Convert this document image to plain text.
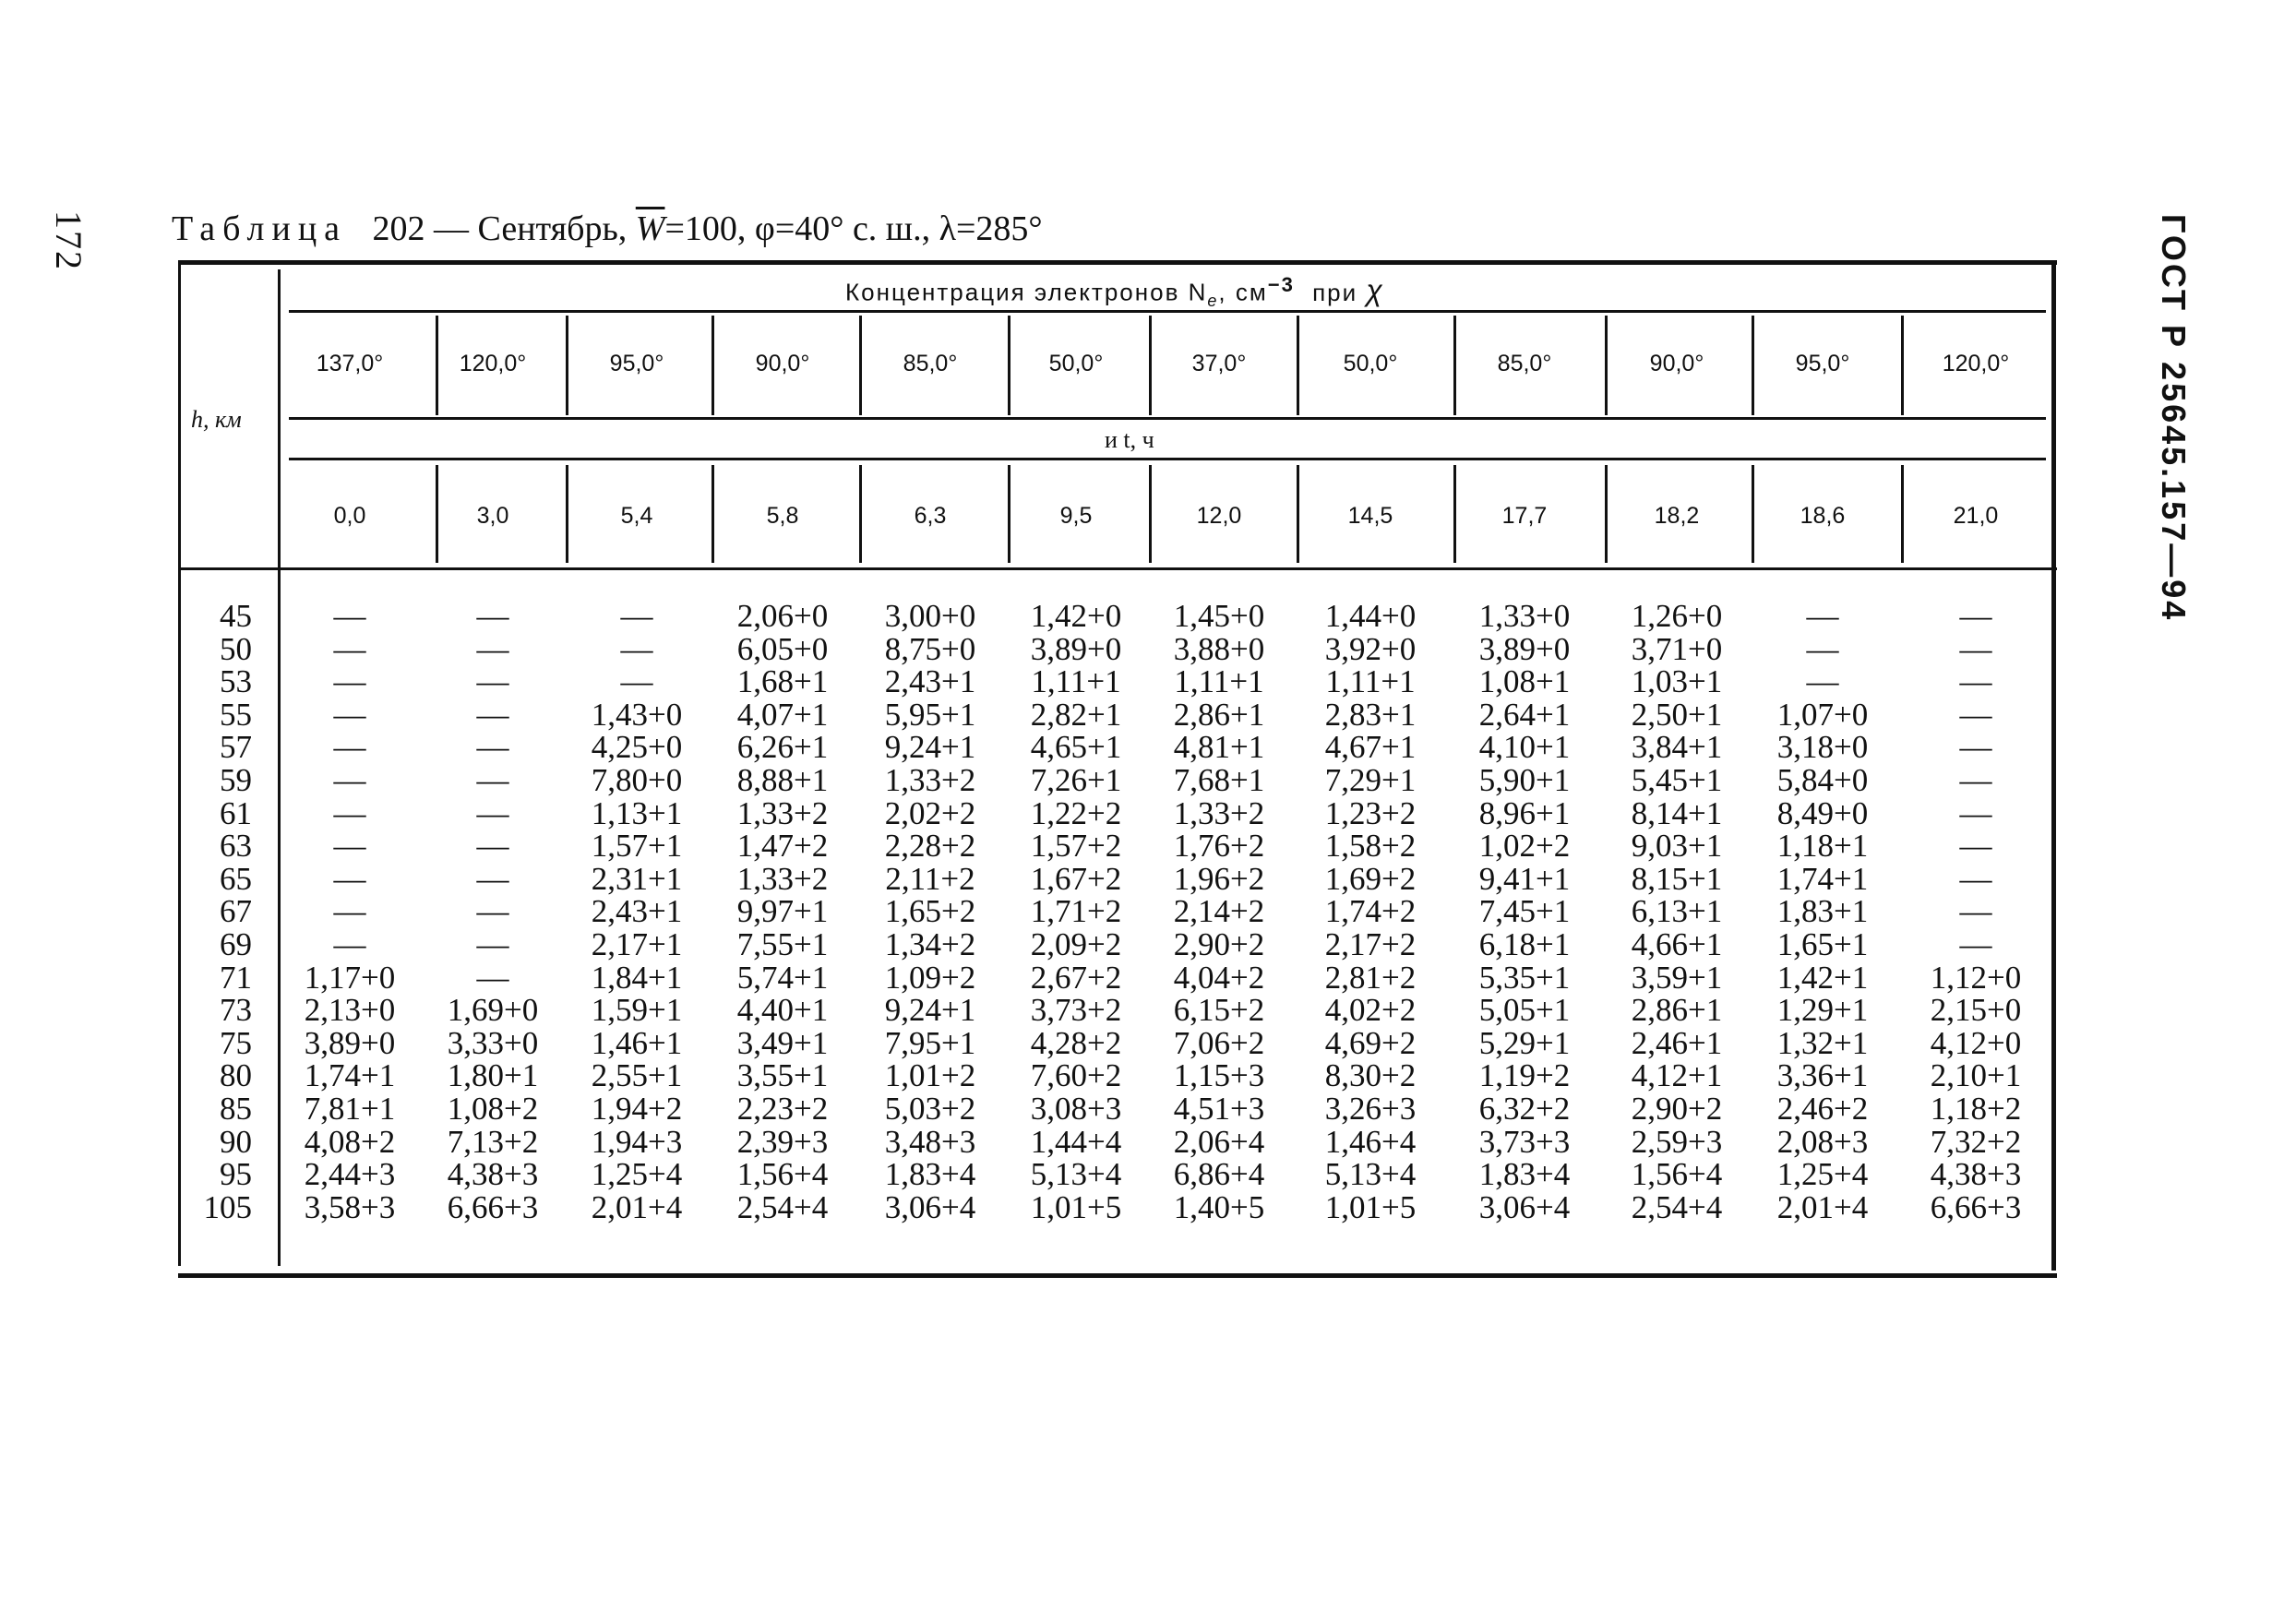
172	ГОСТ Р 25645.157—94
Таблица 202 — Сентябрь, $\overline{W}=100$, φ=40° с. ш., λ=285°
h, км
Концентрация электронов $N_e$, $см^{-3}$ при χ
и t, ч
137,0°	120,0°	95,0°	90,0°	85,0°	50,0°	37,0°	50,0°	85,0°	90,0°	95,0°	120,0°
0,0	3,0	5,4	5,8	6,3	9,5	12,0	14,5	17,7	18,2	18,6	21,0
45	—	—	—	2,06+0	3,00+0	1,42+0	1,45+0	1,44+0	1,33+0	1,26+0	—	—
50	—	—	—	6,05+0	8,75+0	3,89+0	3,88+0	3,92+0	3,89+0	3,71+0	—	—
53	—	—	—	1,68+1	2,43+1	1,11+1	1,11+1	1,11+1	1,08+1	1,03+1	—	—
55	—	—	1,43+0	4,07+1	5,95+1	2,82+1	2,86+1	2,83+1	2,64+1	2,50+1	1,07+0	—
57	—	—	4,25+0	6,26+1	9,24+1	4,65+1	4,81+1	4,67+1	4,10+1	3,84+1	3,18+0	—
59	—	—	7,80+0	8,88+1	1,33+2	7,26+1	7,68+1	7,29+1	5,90+1	5,45+1	5,84+0	—
61	—	—	1,13+1	1,33+2	2,02+2	1,22+2	1,33+2	1,23+2	8,96+1	8,14+1	8,49+0	—
63	—	—	1,57+1	1,47+2	2,28+2	1,57+2	1,76+2	1,58+2	1,02+2	9,03+1	1,18+1	—
65	—	—	2,31+1	1,33+2	2,11+2	1,67+2	1,96+2	1,69+2	9,41+1	8,15+1	1,74+1	—
67	—	—	2,43+1	9,97+1	1,65+2	1,71+2	2,14+2	1,74+2	7,45+1	6,13+1	1,83+1	—
69	—	—	2,17+1	7,55+1	1,34+2	2,09+2	2,90+2	2,17+2	6,18+1	4,66+1	1,65+1	—
71	1,17+0	—	1,84+1	5,74+1	1,09+2	2,67+2	4,04+2	2,81+2	5,35+1	3,59+1	1,42+1	1,12+0
73	2,13+0	1,69+0	1,59+1	4,40+1	9,24+1	3,73+2	6,15+2	4,02+2	5,05+1	2,86+1	1,29+1	2,15+0
75	3,89+0	3,33+0	1,46+1	3,49+1	7,95+1	4,28+2	7,06+2	4,69+2	5,29+1	2,46+1	1,32+1	4,12+0
80	1,74+1	1,80+1	2,55+1	3,55+1	1,01+2	7,60+2	1,15+3	8,30+2	1,19+2	4,12+1	3,36+1	2,10+1
85	7,81+1	1,08+2	1,94+2	2,23+2	5,03+2	3,08+3	4,51+3	3,26+3	6,32+2	2,90+2	2,46+2	1,18+2
90	4,08+2	7,13+2	1,94+3	2,39+3	3,48+3	1,44+4	2,06+4	1,46+4	3,73+3	2,59+3	2,08+3	7,32+2
95	2,44+3	4,38+3	1,25+4	1,56+4	1,83+4	5,13+4	6,86+4	5,13+4	1,83+4	1,56+4	1,25+4	4,38+3
105	3,58+3	6,66+3	2,01+4	2,54+4	3,06+4	1,01+5	1,40+5	1,01+5	3,06+4	2,54+4	2,01+4	6,66+3
